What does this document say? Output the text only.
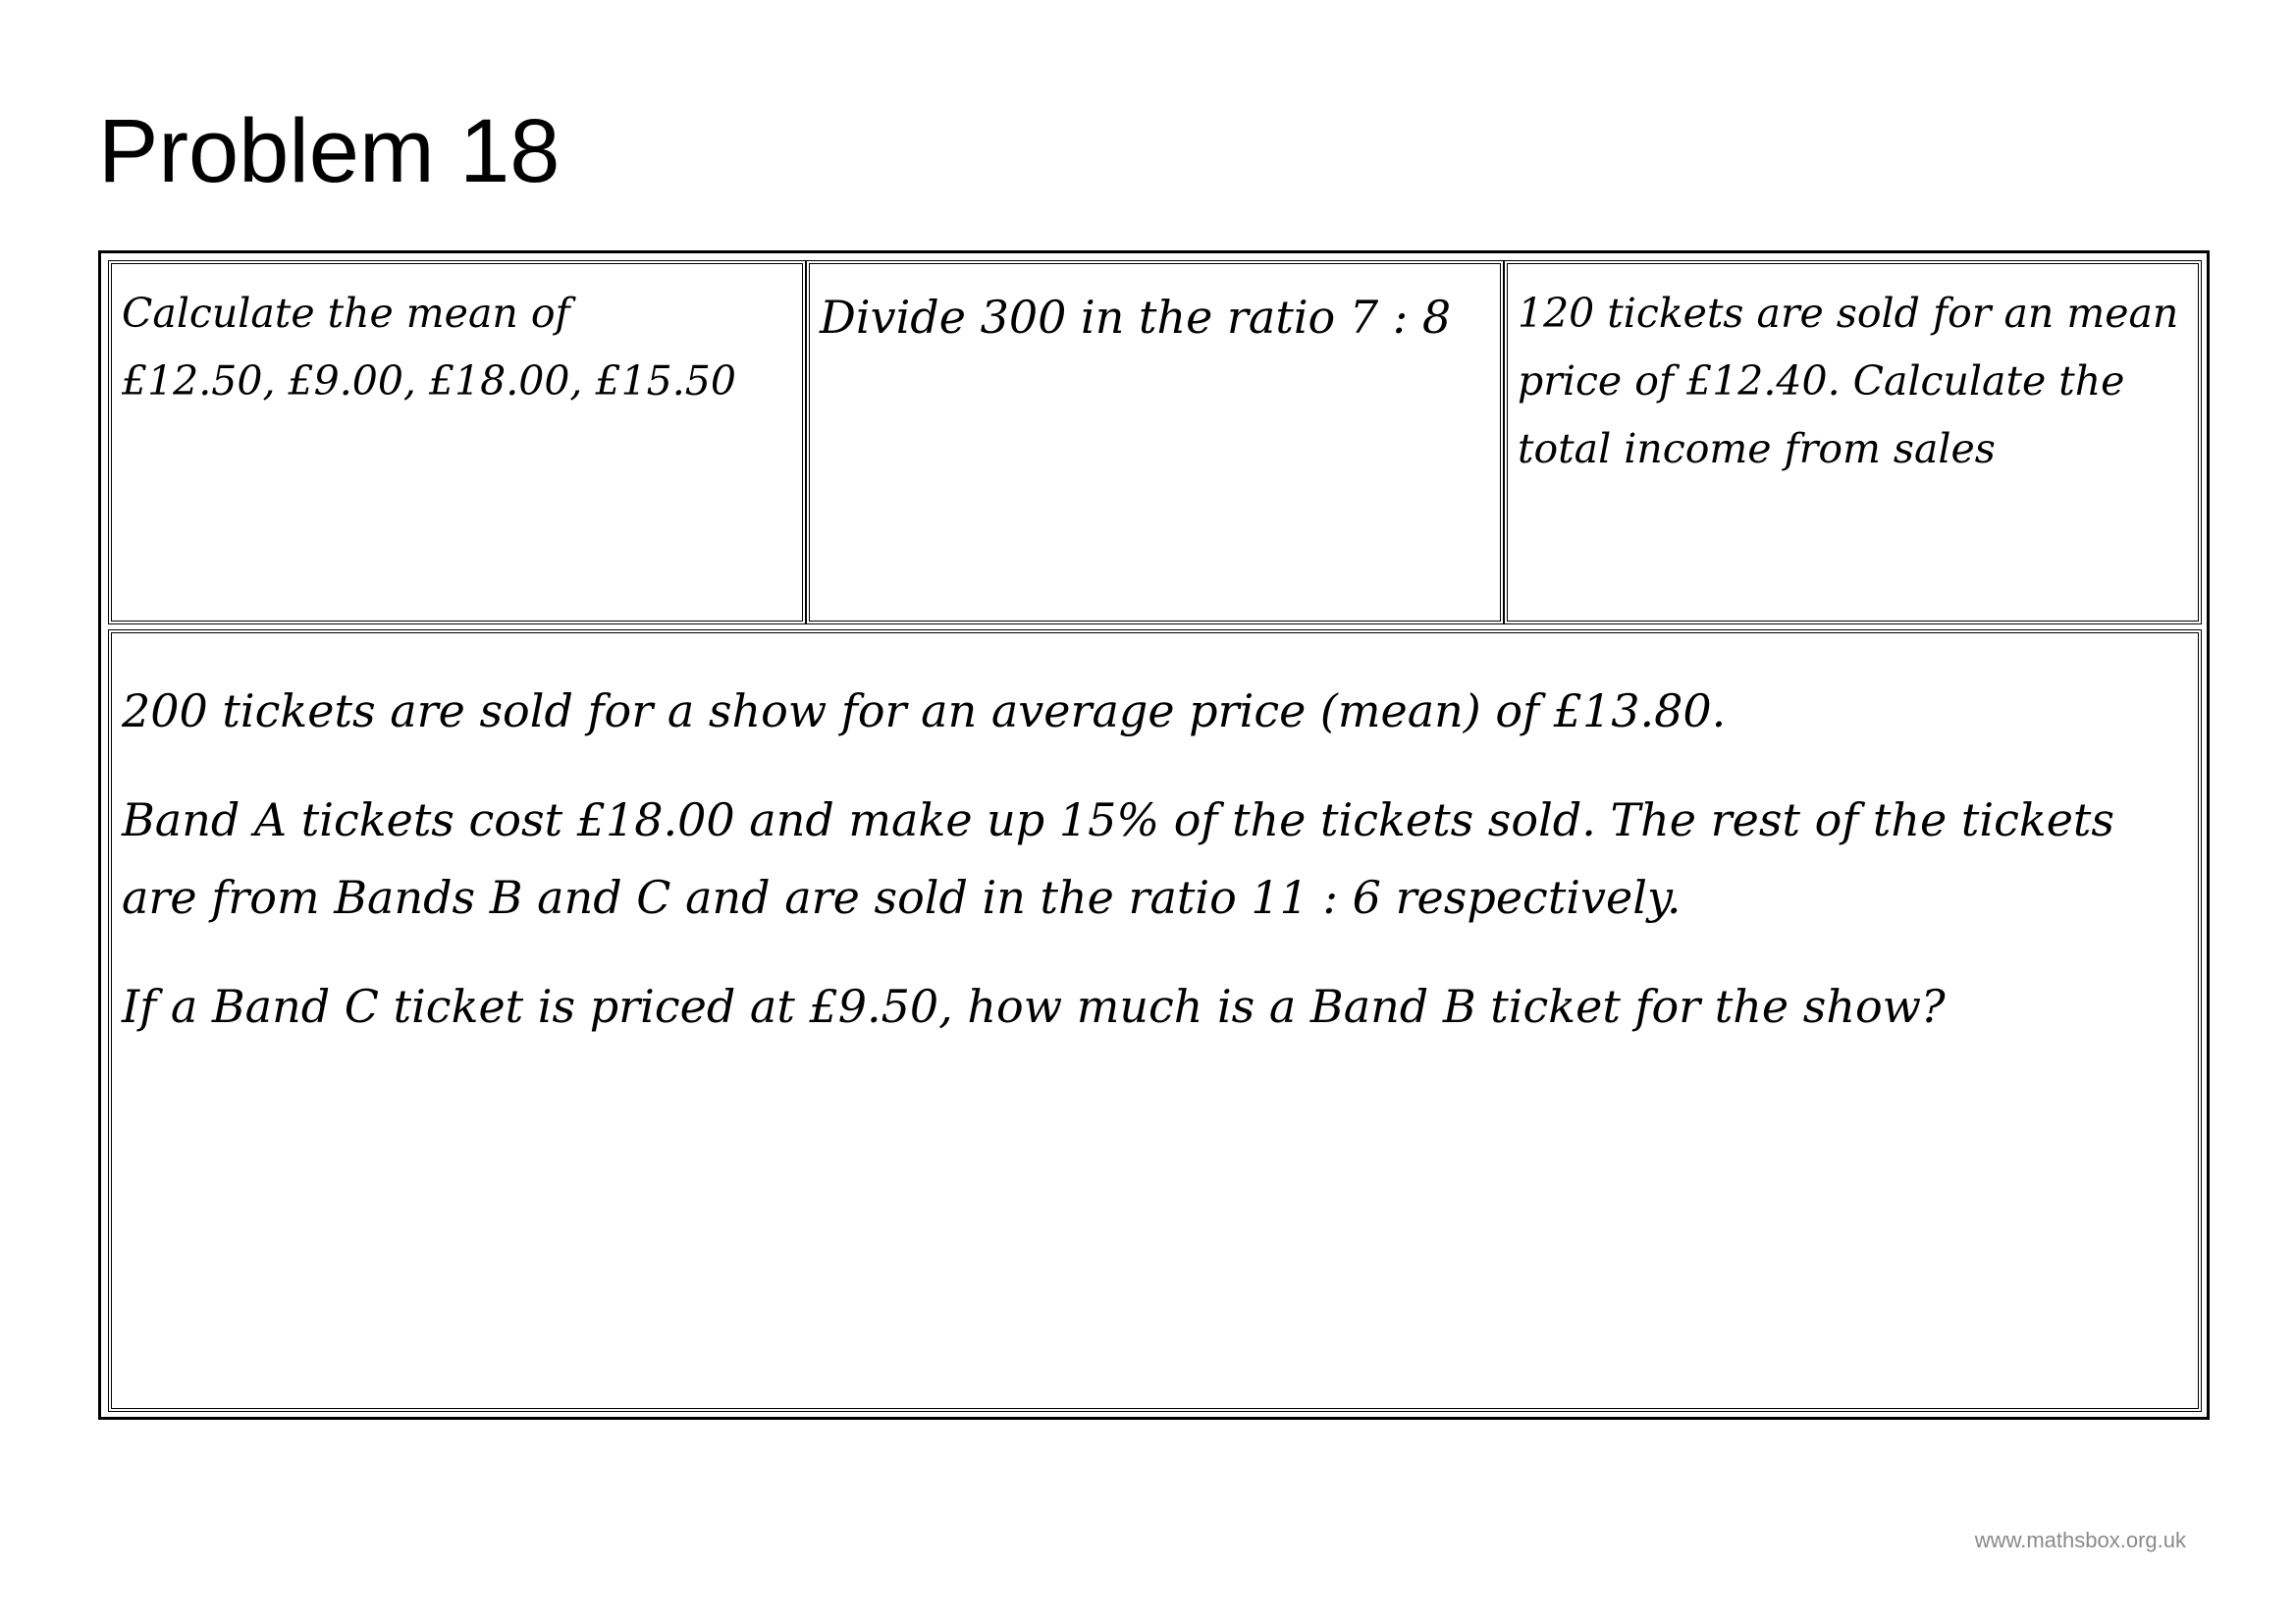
Problem 18

Calculate the mean of

£12.50, £9.00, £18.00, £15.50

Divide 300 in the ratio 7 : 8	120 tickets are sold for an mean price of £12.40. Calculate the total income from sales

200 tickets are sold for a show for an average price (mean) of £13.80.

Band A tickets cost £18.00 and make up 15% of the tickets sold. The rest of the tickets are from Bands B and C and are sold in the ratio 11 : 6 respectively.

If a Band C ticket is priced at £9.50, how much is a Band B ticket for the show?

www.mathsbox.org.uk
